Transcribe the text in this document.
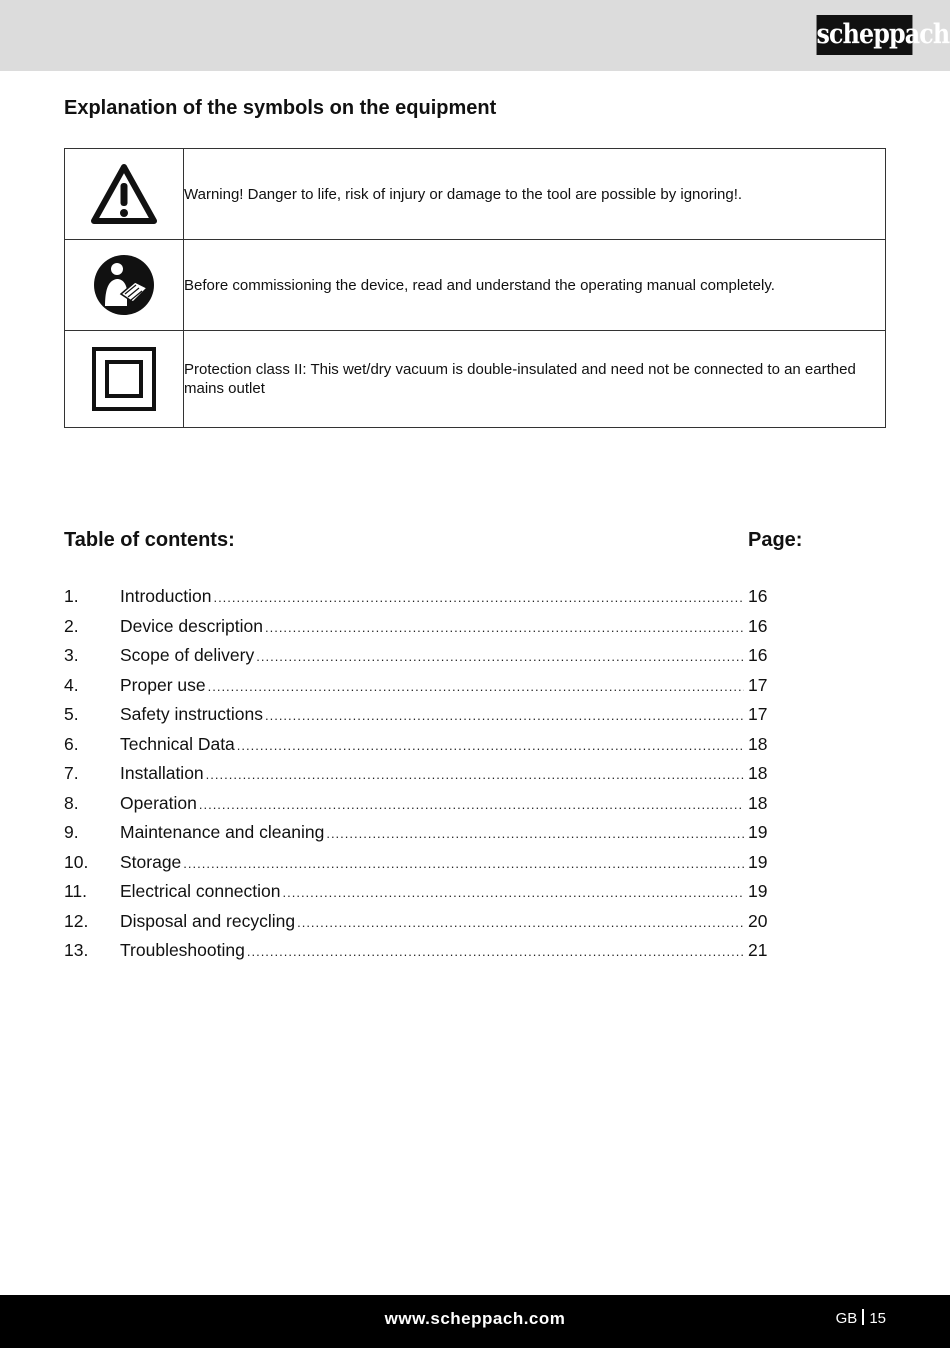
scheppach
Explanation of the symbols on the equipment
	Warning! Danger to life, risk of injury or damage to the tool are possible by ignoring!.

	Before commissioning the device, read and understand the operating manual completely.

	Protection class II: This wet/dry vacuum is double-insulated and need not be connected to an earthed mains outlet
Table of contents:	Page:
1.	Introduction .....	16
2.	Device description .....	16
3.	Scope of delivery .....	16
4.	Proper use .....	17
5.	Safety instructions .....	17
6.	Technical Data .....	18
7.	Installation .....	18
8.	Operation .....	18
9.	Maintenance and cleaning .....	19
10.	Storage .....	19
11.	Electrical connection .....	19
12.	Disposal and recycling .....	20
13.	Troubleshooting .....	21
www.scheppach.com	GB 15
